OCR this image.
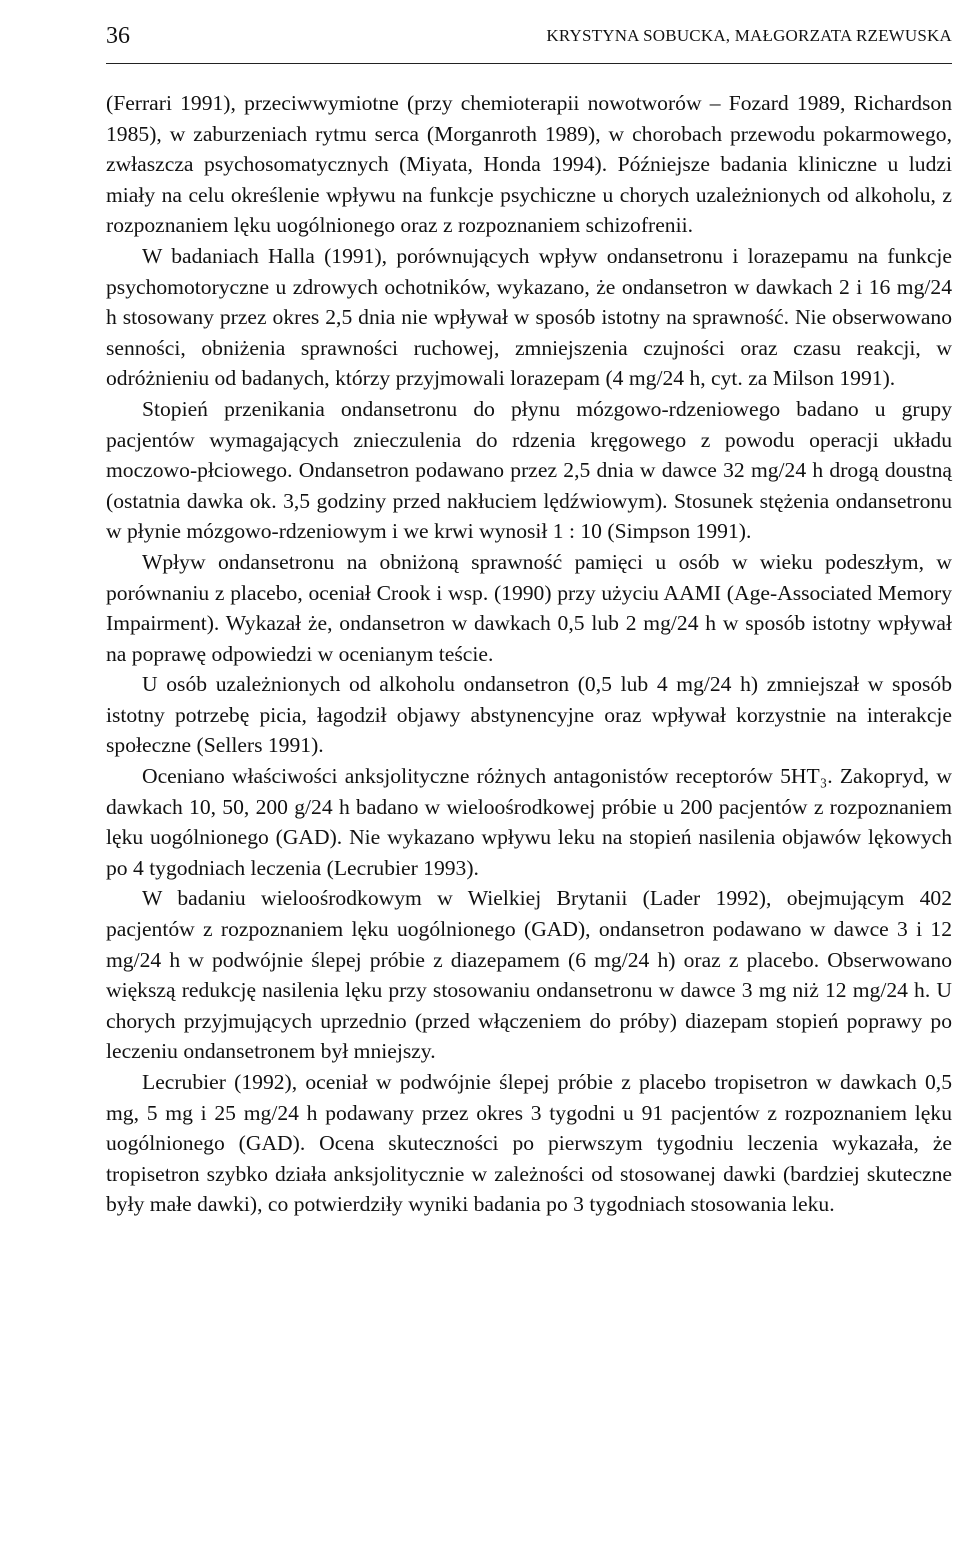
36	KRYSTYNA SOBUCKA, MAŁGORZATA RZEWUSKA

(Ferrari 1991), przeciwwymiotne (przy chemioterapii nowotworów – Fozard 1989, Richardson 1985), w zaburzeniach rytmu serca (Morganroth 1989), w chorobach przewodu pokarmowego, zwłaszcza psychosomatycznych (Miyata, Honda 1994). Późniejsze badania kliniczne u ludzi miały na celu określenie wpływu na funkcje psychiczne u chorych uzależnionych od alkoholu, z rozpoznaniem lęku uogólnionego oraz z rozpoznaniem schizofrenii.

W badaniach Halla (1991), porównujących wpływ ondansetronu i lorazepamu na funkcje psychomotoryczne u zdrowych ochotników, wykazano, że ondansetron w dawkach 2 i 16 mg/24 h stosowany przez okres 2,5 dnia nie wpływał w sposób istotny na sprawność. Nie obserwowano senności, obniżenia sprawności ruchowej, zmniejszenia czujności oraz czasu reakcji, w odróżnieniu od badanych, którzy przyjmowali lorazepam (4 mg/24 h, cyt. za Milson 1991).

Stopień przenikania ondansetronu do płynu mózgowo-rdzeniowego badano u grupy pacjentów wymagających znieczulenia do rdzenia kręgowego z powodu operacji układu moczowo-płciowego. Ondansetron podawano przez 2,5 dnia w dawce 32 mg/24 h drogą doustną (ostatnia dawka ok. 3,5 godziny przed nakłuciem lędźwiowym). Stosunek stężenia ondansetronu w płynie mózgowo-rdzeniowym i we krwi wynosił 1 : 10 (Simpson 1991).

Wpływ ondansetronu na obniżoną sprawność pamięci u osób w wieku podeszłym, w porównaniu z placebo, oceniał Crook i wsp. (1990) przy użyciu AAMI (Age-Associated Memory Impairment). Wykazał że, ondansetron w dawkach 0,5 lub 2 mg/24 h w sposób istotny wpływał na poprawę odpowiedzi w ocenianym teście.

U osób uzależnionych od alkoholu ondansetron (0,5 lub 4 mg/24 h) zmniejszał w sposób istotny potrzebę picia, łagodził objawy abstynencyjne oraz wpływał korzystnie na interakcje społeczne (Sellers 1991).

Oceniano właściwości anksjolityczne różnych antagonistów receptorów 5HT₃. Zakopryd, w dawkach 10, 50, 200 g/24 h badano w wieloośrodkowej próbie u 200 pacjentów z rozpoznaniem lęku uogólnionego (GAD). Nie wykazano wpływu leku na stopień nasilenia objawów lękowych po 4 tygodniach leczenia (Lecrubier 1993).

W badaniu wieloośrodkowym w Wielkiej Brytanii (Lader 1992), obejmującym 402 pacjentów z rozpoznaniem lęku uogólnionego (GAD), ondansetron podawano w dawce 3 i 12 mg/24 h w podwójnie ślepej próbie z diazepamem (6 mg/24 h) oraz z placebo. Obserwowano większą redukcję nasilenia lęku przy stosowaniu ondansetronu w dawce 3 mg niż 12 mg/24 h. U chorych przyjmujących uprzednio (przed włączeniem do próby) diazepam stopień poprawy po leczeniu ondansetronem był mniejszy.

Lecrubier (1992), oceniał w podwójnie ślepej próbie z placebo tropisetron w dawkach 0,5 mg, 5 mg i 25 mg/24 h podawany przez okres 3 tygodni u 91 pacjentów z rozpoznaniem lęku uogólnionego (GAD). Ocena skuteczności po pierwszym tygodniu leczenia wykazała, że tropisetron szybko działa anksjolitycznie w zależności od stosowanej dawki (bardziej skuteczne były małe dawki), co potwierdziły wyniki badania po 3 tygodniach stosowania leku.
